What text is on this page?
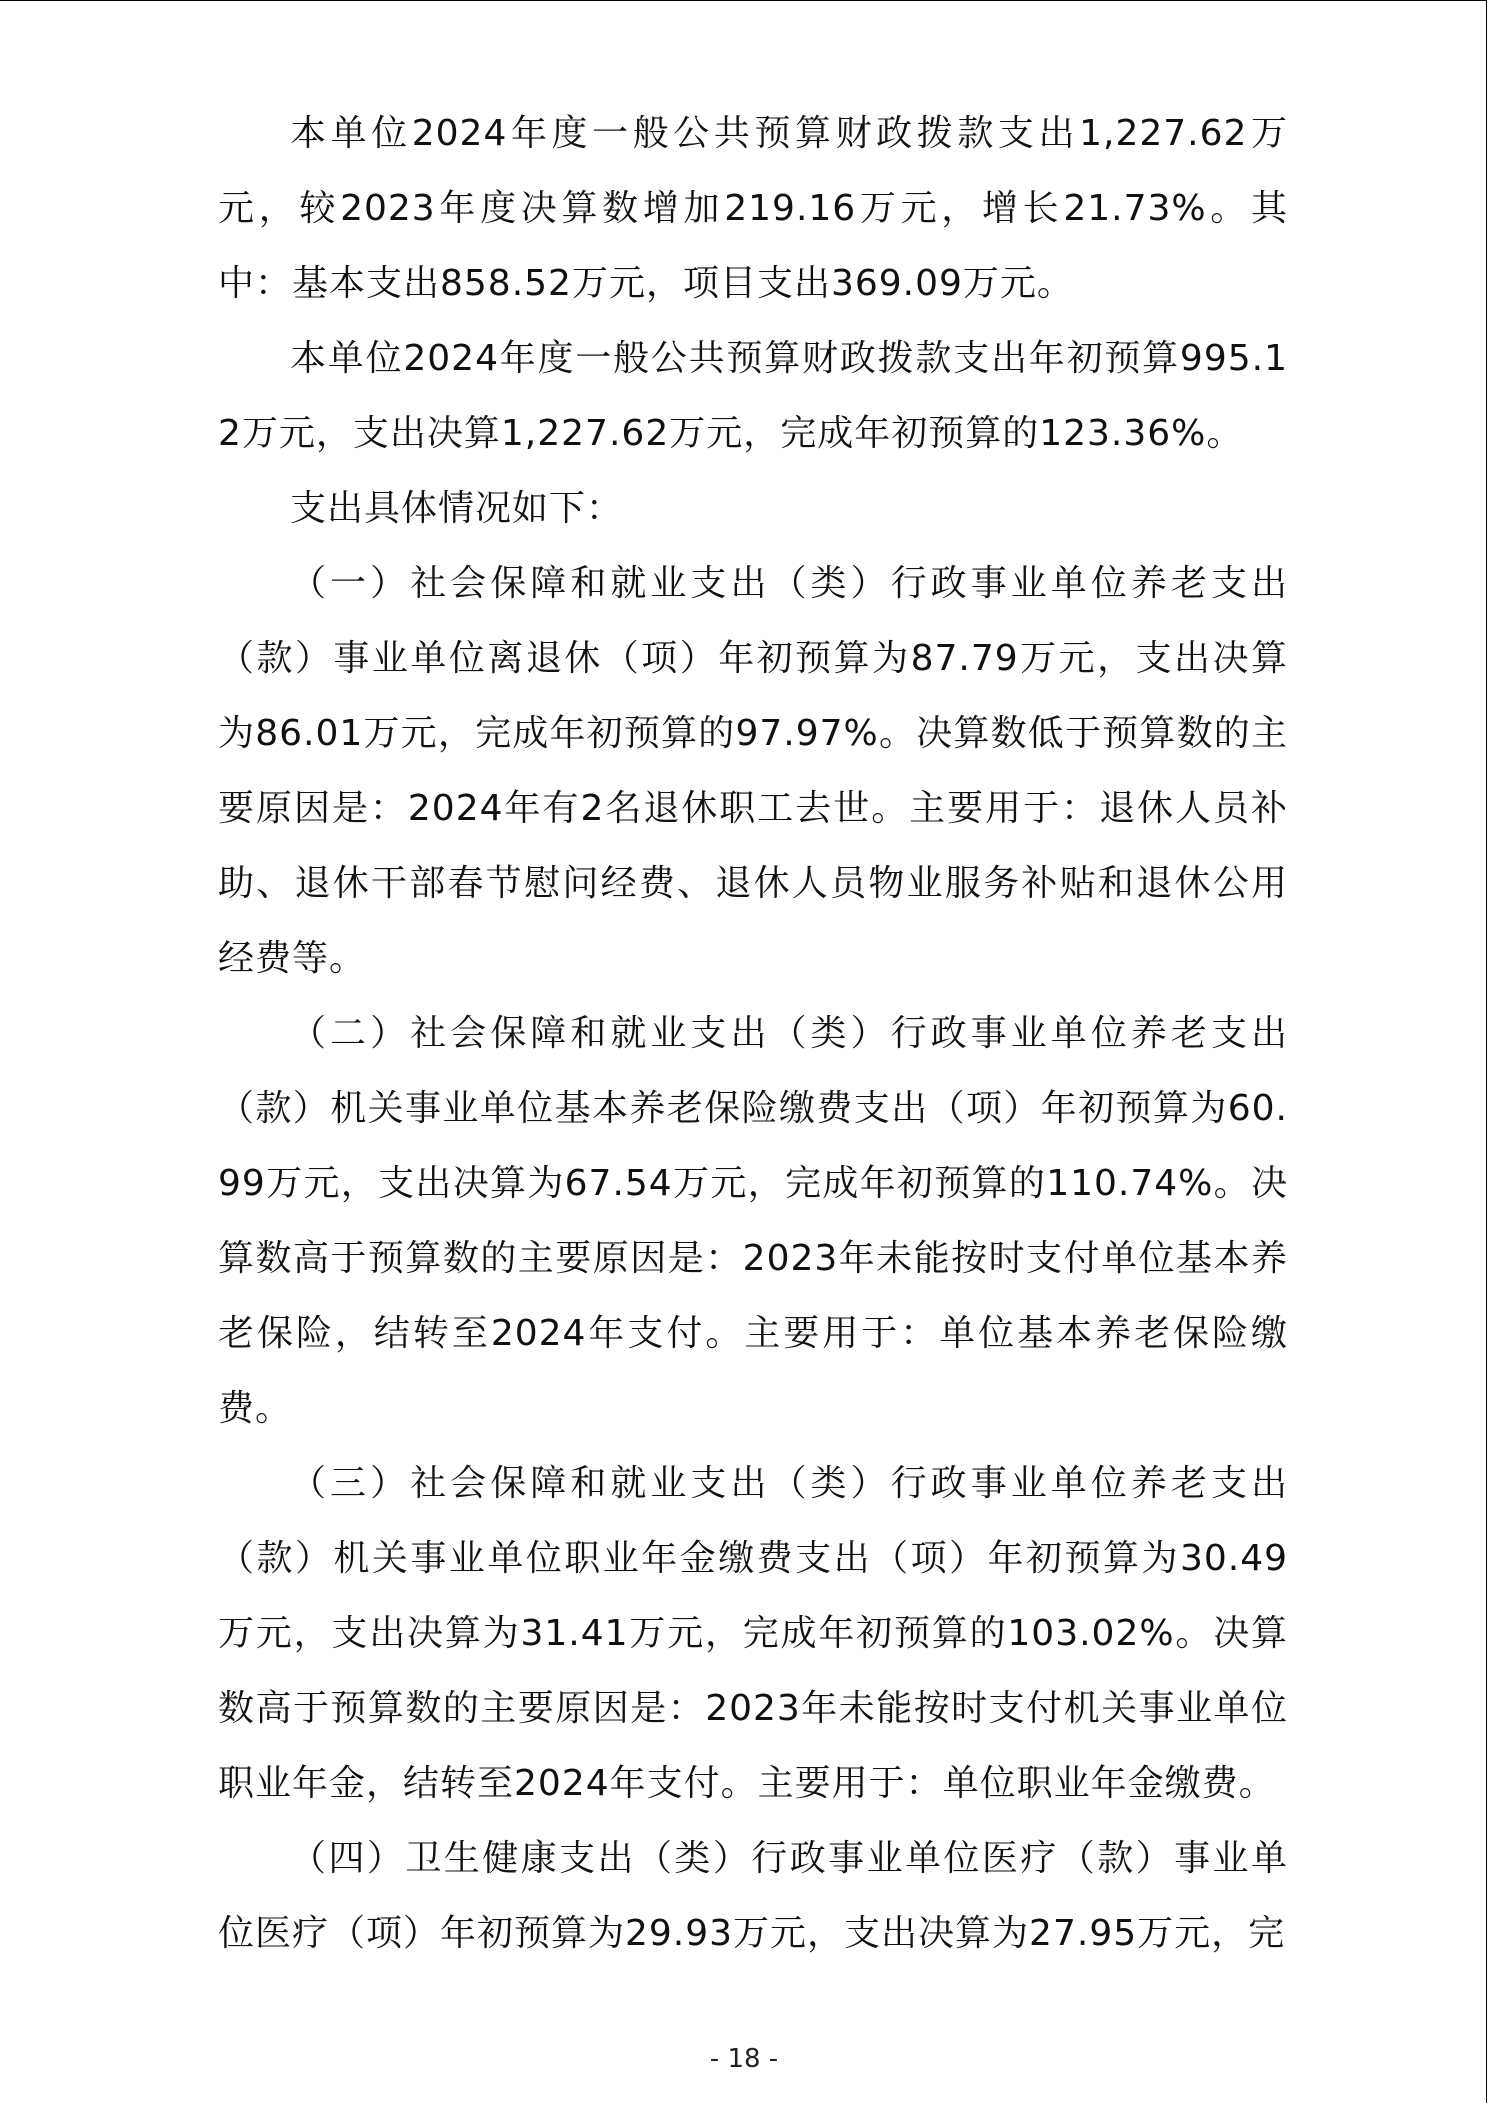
本单位2024年度一般公共预算财政拨款支出1,227.62万元，较2023年度决算数增加219.16万元，增长21.73%。其中：基本支出858.52万元，项目支出369.09万元。

本单位2024年度一般公共预算财政拨款支出年初预算995.12万元，支出决算1,227.62万元，完成年初预算的123.36%。

支出具体情况如下：

（一）社会保障和就业支出（类）行政事业单位养老支出（款）事业单位离退休（项）年初预算为87.79万元，支出决算为86.01万元，完成年初预算的97.97%。决算数低于预算数的主要原因是：2024年有2名退休职工去世。主要用于：退休人员补助、退休干部春节慰问经费、退休人员物业服务补贴和退休公用经费等。

（二）社会保障和就业支出（类）行政事业单位养老支出（款）机关事业单位基本养老保险缴费支出（项）年初预算为60.99万元，支出决算为67.54万元，完成年初预算的110.74%。决算数高于预算数的主要原因是：2023年未能按时支付单位基本养老保险，结转至2024年支付。主要用于：单位基本养老保险缴费。

（三）社会保障和就业支出（类）行政事业单位养老支出（款）机关事业单位职业年金缴费支出（项）年初预算为30.49万元，支出决算为31.41万元，完成年初预算的103.02%。决算数高于预算数的主要原因是：2023年未能按时支付机关事业单位职业年金，结转至2024年支付。主要用于：单位职业年金缴费。

（四）卫生健康支出（类）行政事业单位医疗（款）事业单位医疗（项）年初预算为29.93万元，支出决算为27.95万元，完

- 18 -
